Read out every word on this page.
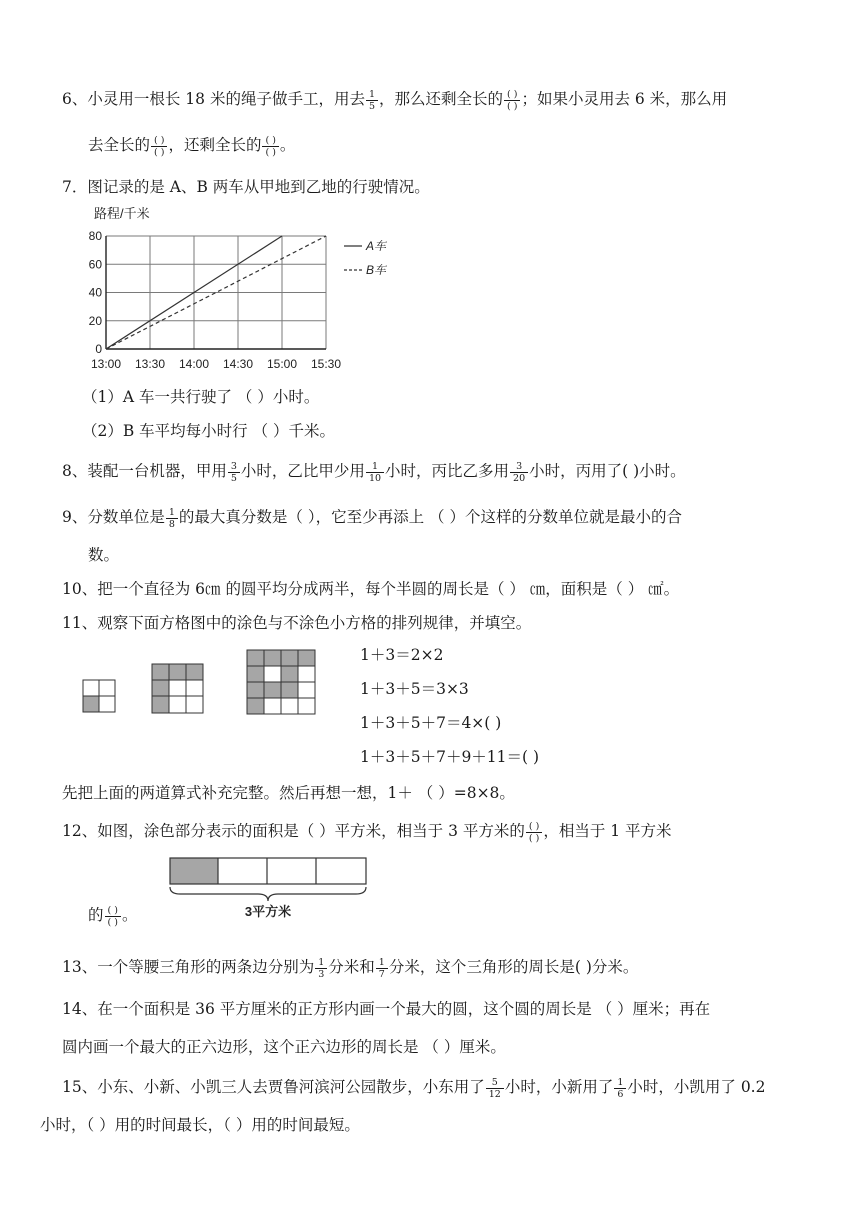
6、小灵用一根长 18 米的绳子做手工，用去 $\frac{1}{5}$ ，那么还剩全长的 $\frac{( )}{( )}$ ；如果小灵用去 6 米，那么用
去全长的 $\frac{( )}{( )}$ ，还剩全长的 $\frac{( )}{( )}$ 。
7．图记录的是 A、B 两车从甲地到乙地的行驶情况。
路程/千米
0
20
40
60
80
13:00 13:30 14:00 14:30 15:00 15:30
A车
B车
（1）A 车一共行驶了 （ ）小时。
（2）B 车平均每小时行 （ ）千米。
8、装配一台机器，甲用 $\frac{3}{5}$ 小时，乙比甲少用 $\frac{1}{10}$ 小时，丙比乙多用 $\frac{3}{20}$ 小时，丙用了( )小时。
9、分数单位是 $\frac{1}{8}$ 的最大真分数是（ ），它至少再添上 （ ）个这样的分数单位就是最小的合
数。
10、把一个直径为 6㎝ 的圆平均分成两半，每个半圆的周长是（ ） ㎝，面积是（ ） ㎠。
11、观察下面方格图中的涂色与不涂色小方格的排列规律，并填空。
1＋3＝2×2
1＋3＋5＝3×3
1＋3＋5＋7＝4×( )
1＋3＋5＋7＋9＋11＝( )
先把上面的两道算式补充完整。然后再想一想，1＋ （ ）=8×8。
12、如图，涂色部分表示的面积是（ ）平方米，相当于 3 平方米的 $\frac{( )}{( )}$ ，相当于 1 平方米
3平方米
的 $\frac{( )}{( )}$ 。
13、一个等腰三角形的两条边分别为 $\frac{1}{3}$ 分米和 $\frac{1}{7}$ 分米，这个三角形的周长是( )分米。
14、在一个面积是 36 平方厘米的正方形内画一个最大的圆，这个圆的周长是 （ ）厘米；再在
圆内画一个最大的正六边形，这个正六边形的周长是 （ ）厘米。
15、小东、小新、小凯三人去贾鲁河滨河公园散步，小东用了 $\frac{5}{12}$ 小时，小新用了 $\frac{1}{6}$ 小时，小凯用了 0.2
小时，（ ）用的时间最长，（ ）用的时间最短。
